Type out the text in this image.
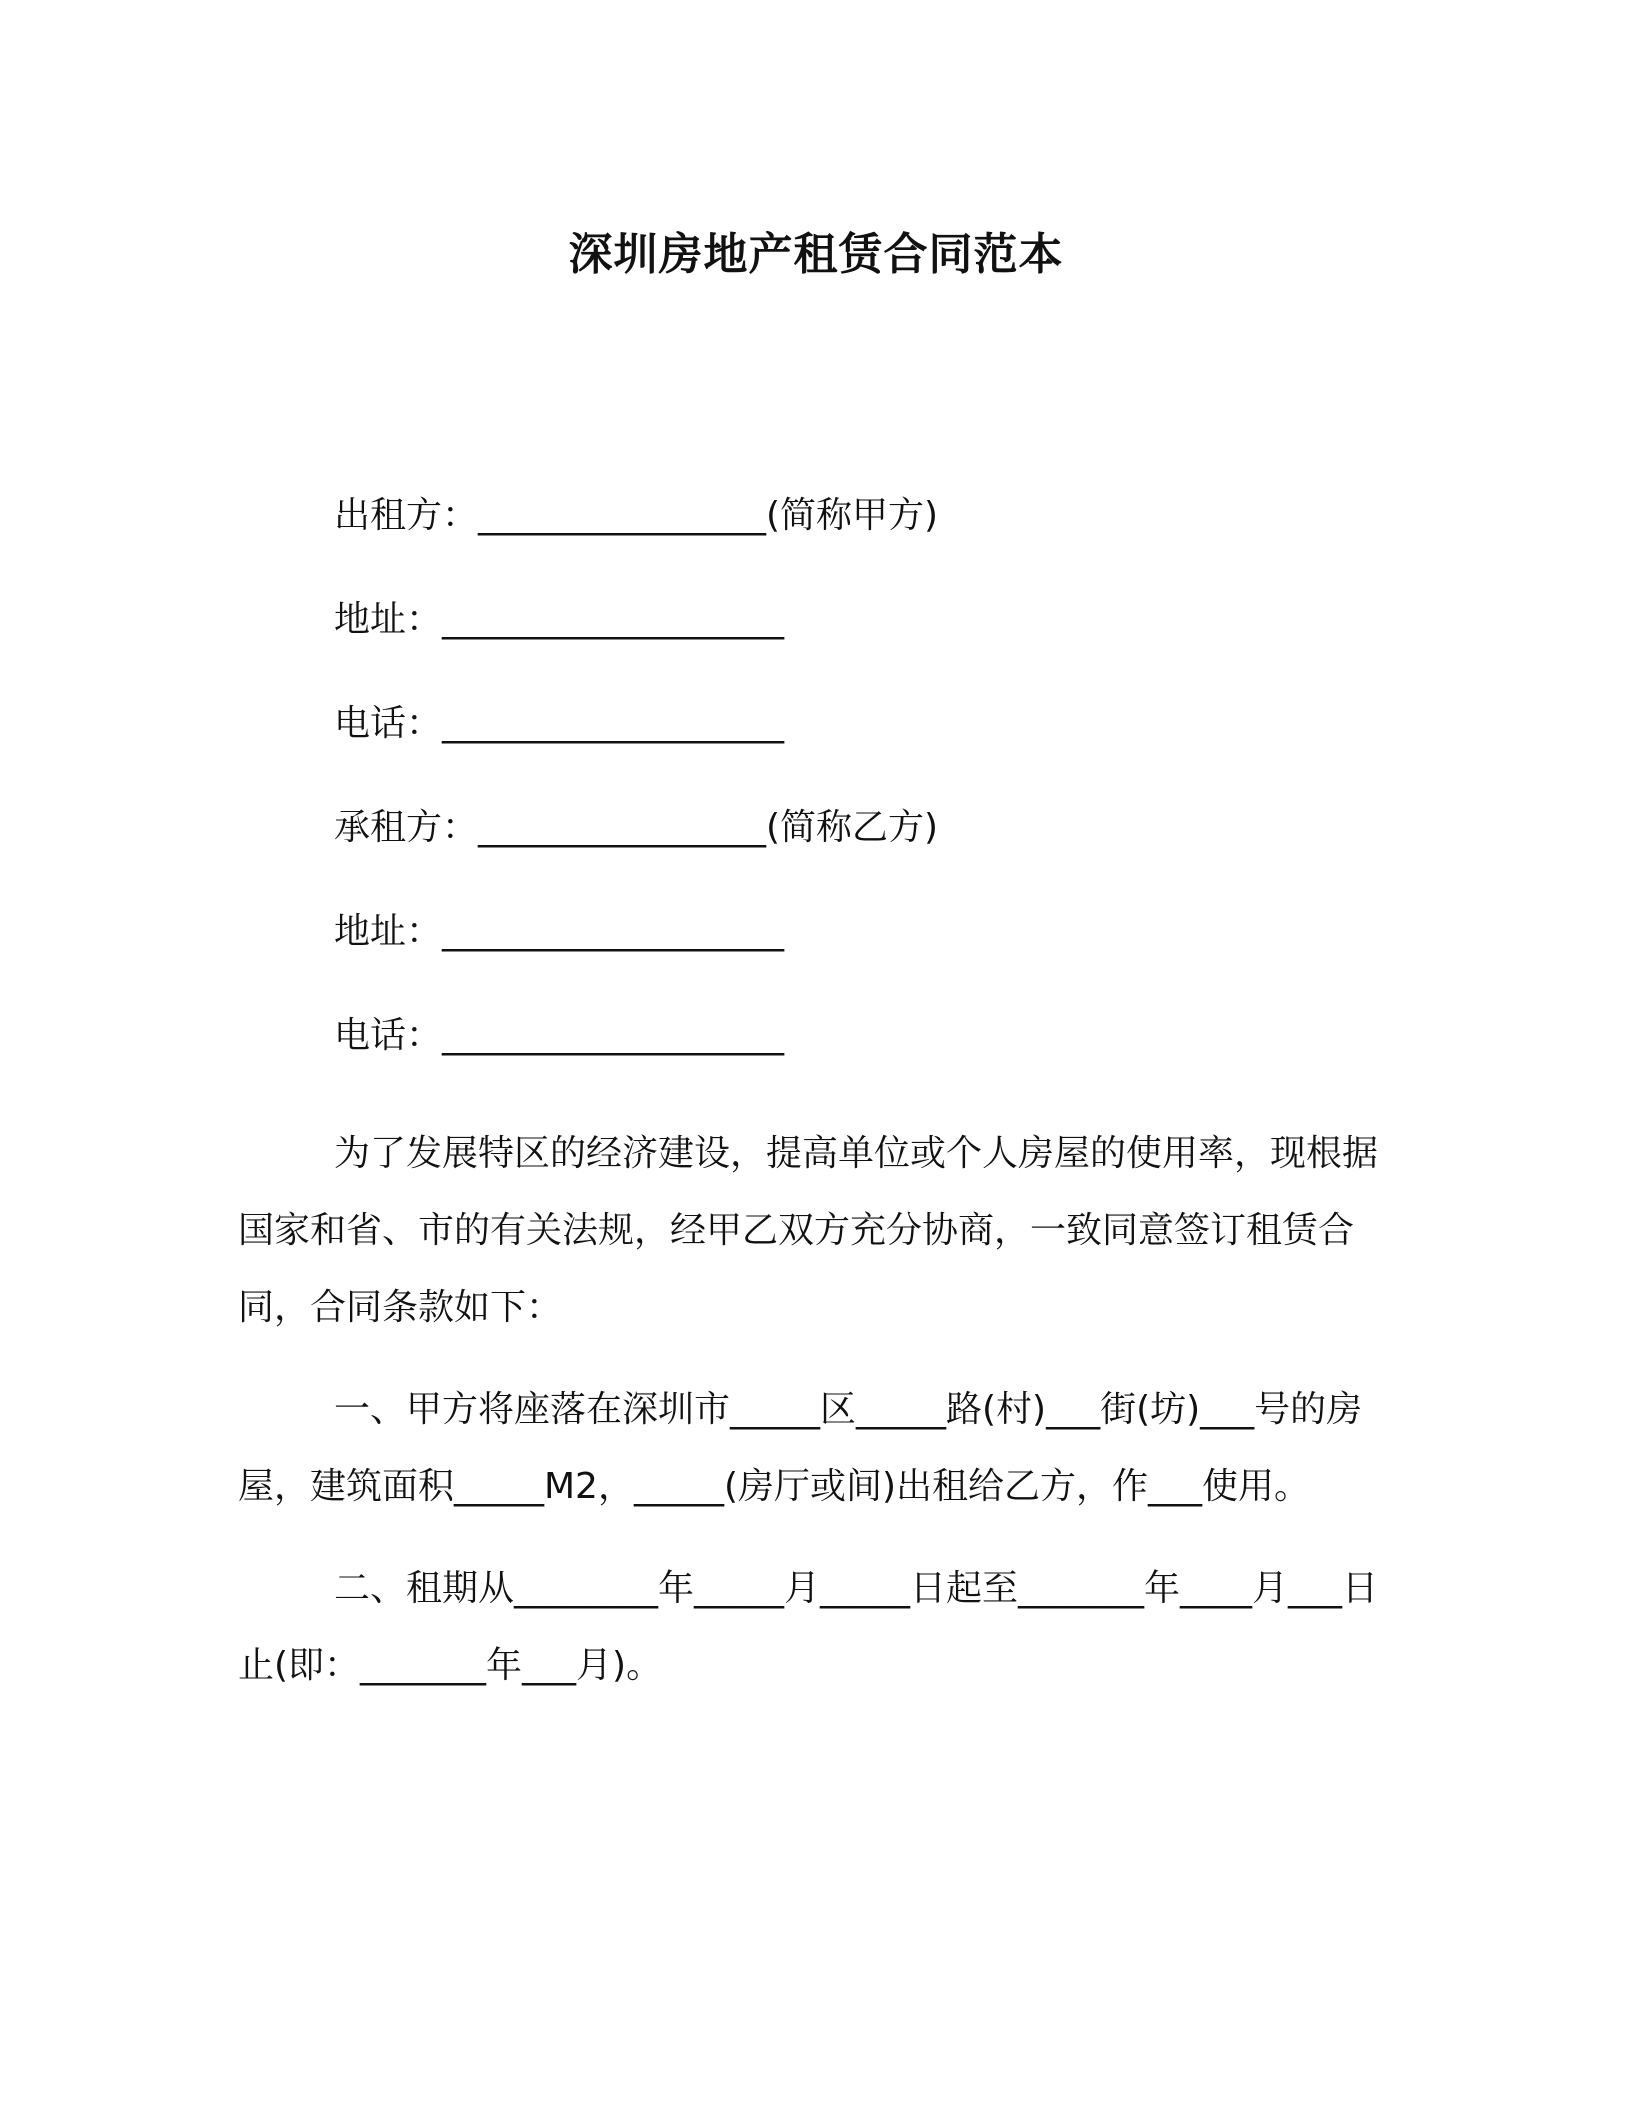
深圳房地产租赁合同范本
出租方：________________(简称甲方)
地址：___________________
电话：___________________
承租方：________________(简称乙方)
地址：___________________
电话：___________________

为了发展特区的经济建设，提高单位或个人房屋的使用率，现根据国家和省、市的有关法规，经甲乙双方充分协商，一致同意签订租赁合同，合同条款如下：

一、甲方将座落在深圳市_____区_____路(村)___街(坊)___号的房屋，建筑面积_____M2，_____(房厅或间)出租给乙方，作___使用。

二、租期从________年_____月_____日起至_______年____月___日止(即：_______年___月)。
